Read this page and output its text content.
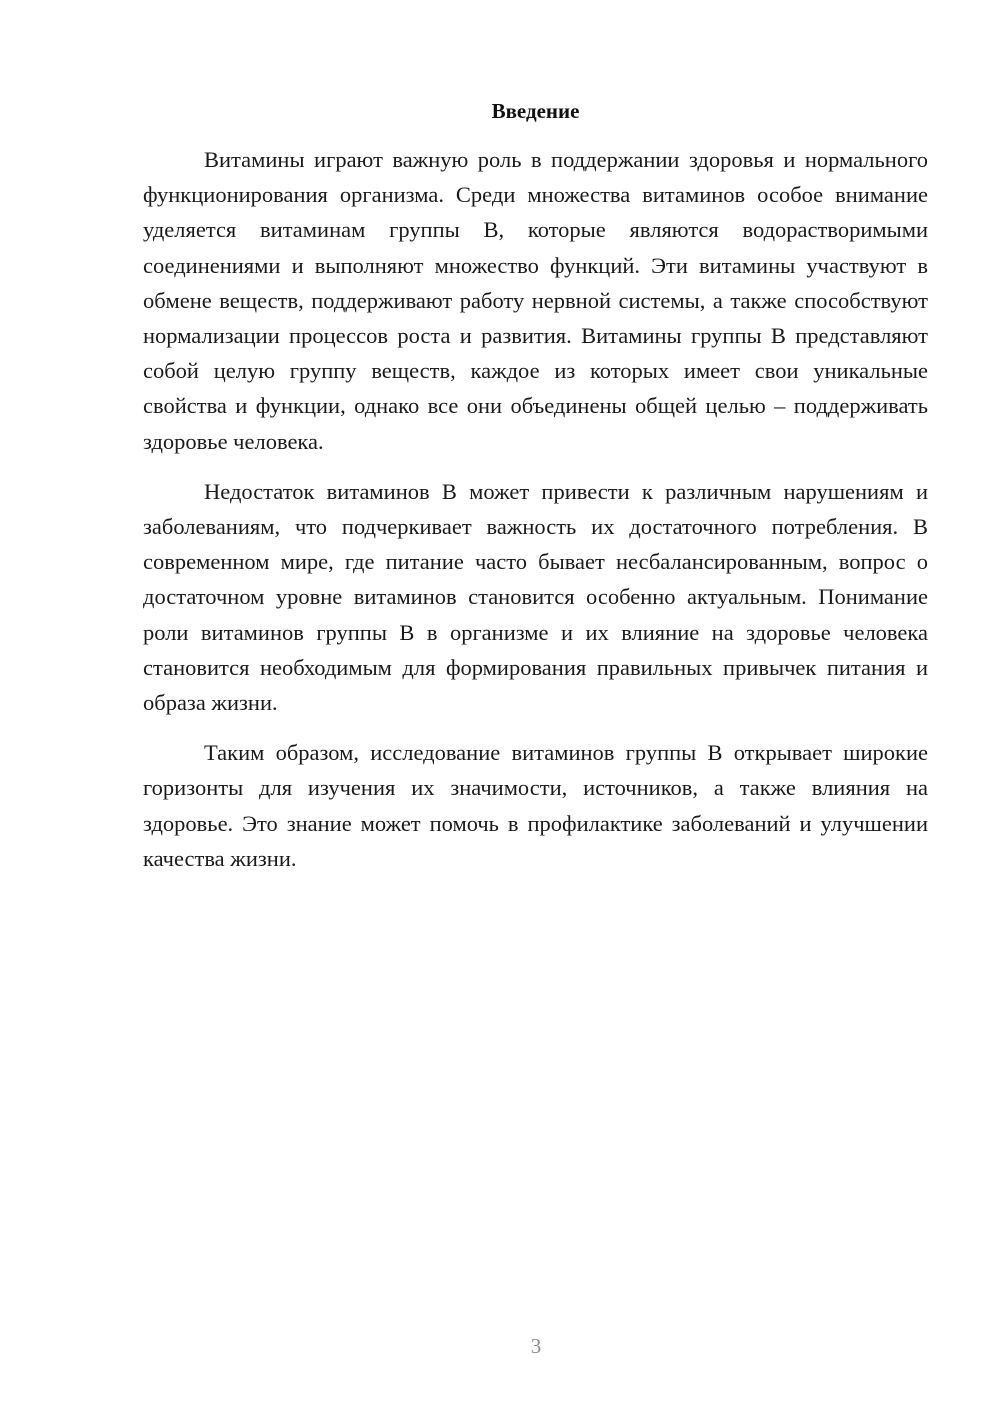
Введение

Витамины играют важную роль в поддержании здоровья и нормального функционирования организма. Среди множества витаминов особое внимание уделяется витаминам группы B, которые являются водорастворимыми соединениями и выполняют множество функций. Эти витамины участвуют в обмене веществ, поддерживают работу нервной системы, а также способствуют нормализации процессов роста и развития. Витамины группы B представляют собой целую группу веществ, каждое из которых имеет свои уникальные свойства и функции, однако все они объединены общей целью – поддерживать здоровье человека.

Недостаток витаминов B может привести к различным нарушениям и заболеваниям, что подчеркивает важность их достаточного потребления. В современном мире, где питание часто бывает несбалансированным, вопрос о достаточном уровне витаминов становится особенно актуальным. Понимание роли витаминов группы B в организме и их влияние на здоровье человека становится необходимым для формирования правильных привычек питания и образа жизни.

Таким образом, исследование витаминов группы B открывает широкие горизонты для изучения их значимости, источников, а также влияния на здоровье. Это знание может помочь в профилактике заболеваний и улучшении качества жизни.

3
